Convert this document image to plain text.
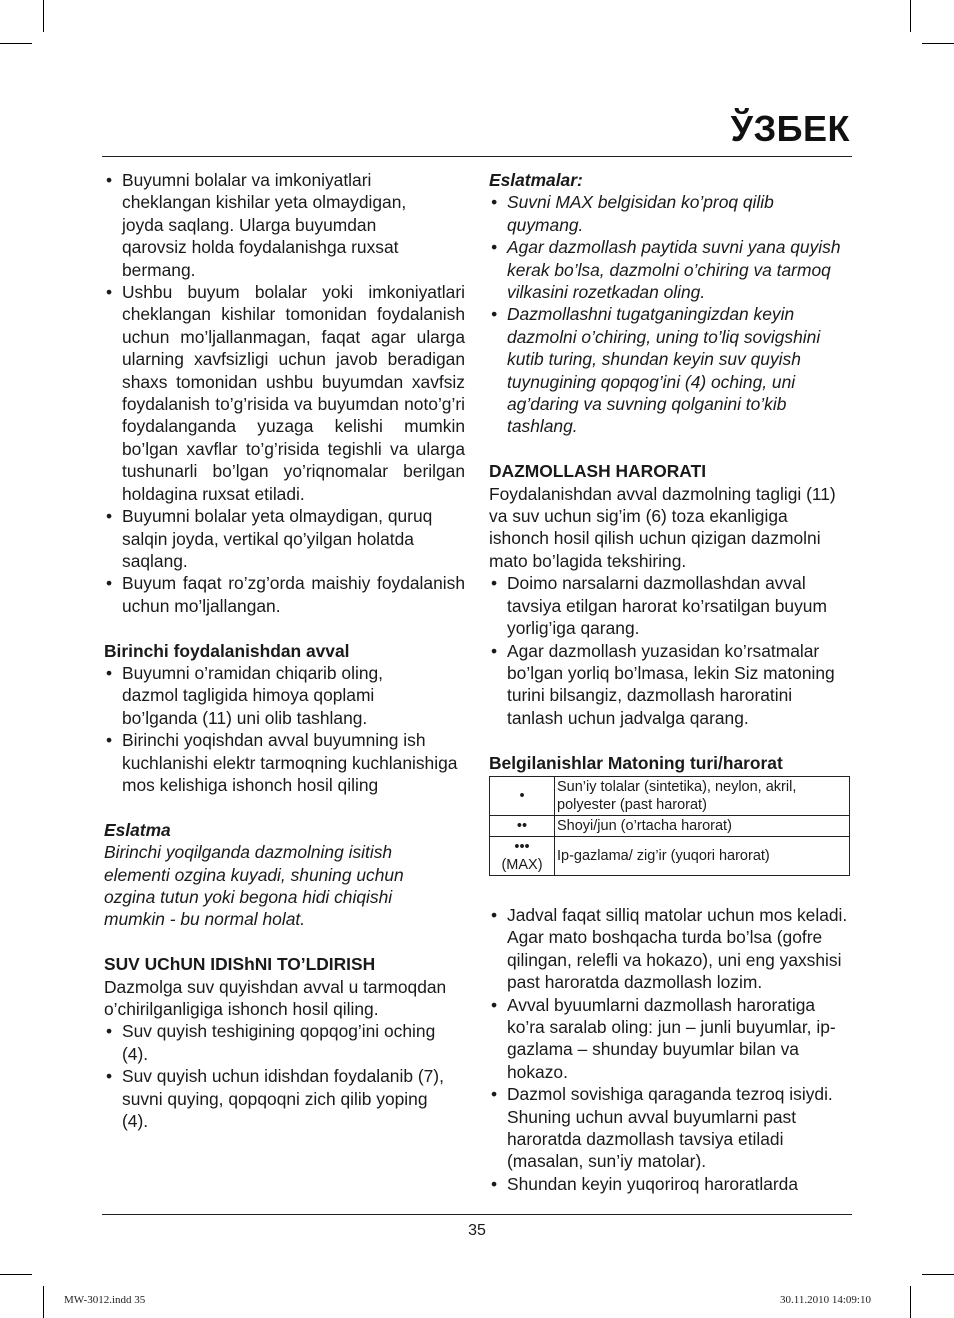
ЎЗБЕК
• Buyumni bolalar va imkoniyatlari cheklangan kishilar yeta olmaydigan, joyda saqlang. Ularga buyumdan qarovsiz holda foydalanishga ruxsat bermang.
• Ushbu buyum bolalar yoki imkoniyatlari cheklangan kishilar tomonidan foydalanish uchun mo’ljallanmagan, faqat agar ularga ularning xavfsizligi uchun javob beradigan shaxs tomonidan ushbu buyumdan xavfsiz foydalanish to’g’risida va buyumdan noto’g’ri foydalanganda yuzaga kelishi mumkin bo’lgan xavflar to’g’risida tegishli va ularga tushunarli bo’lgan yo’riqnomalar berilgan holdagina ruxsat etiladi.
• Buyumni bolalar yeta olmaydigan, quruq salqin joyda, vertikal qo’yilgan holatda saqlang.
• Buyum faqat ro’zg’orda maishiy foydalanish uchun mo’ljallangan.

Birinchi foydalanishdan avval

• Buyumni o’ramidan chiqarib oling, dazmol tagligida himoya qoplami bo’lganda (11) uni olib tashlang.
• Birinchi yoqishdan avval buyumning ish kuchlanishi elektr tarmoqning kuchlanishiga mos kelishiga ishonch hosil qiling

Eslatma

Birinchi yoqilganda dazmolning isitish elementi ozgina kuyadi, shuning uchun ozgina tutun yoki begona hidi chiqishi mumkin - bu normal holat.

SUV UChUN IDIShNI TO’LDIRISH

Dazmolga suv quyishdan avval u tarmoqdan o’chirilganligiga ishonch hosil qiling.

• Suv quyish teshigining qopqog’ini oching (4).
• Suv quyish uchun idishdan foydalanib (7), suvni quying, qopqoqni zich qilib yoping (4).

Eslatmalar:

• Suvni MAX belgisidan ko’proq qilib quymang.
• Agar dazmollash paytida suvni yana quyish kerak bo’lsa, dazmolni o’chiring va tarmoq vilkasini rozetkadan oling.
• Dazmollashni tugatganingizdan keyin dazmolni o’chiring, uning to’liq sovigshini kutib turing, shundan keyin suv quyish tuynugining qopqog’ini (4) oching, uni ag’daring va suvning qolganini to’kib tashlang.

DAZMOLLASH HARORATI

Foydalanishdan avval dazmolning tagligi (11) va suv uchun sig’im (6) toza ekanligiga ishonch hosil qilish uchun qizigan dazmolni mato bo’lagida tekshiring.

• Doimo narsalarni dazmollashdan avval tavsiya etilgan harorat ko’rsatilgan buyum yorlig’iga qarang.
• Agar dazmollash yuzasidan ko’rsatmalar bo’lgan yorliq bo’lmasa, lekin Siz matoning turini bilsangiz, dazmollash haroratini tanlash uchun jadvalga qarang.

Belgilanishlar Matoning turi/harorat

•	Sun’iy tolalar (sintetika), neylon, akril, polyester (past harorat)
••	Shoyi/jun (o’rtacha harorat)

•••
(MAX)	Ip-gazlama/ zig’ir (yuqori harorat)
• Jadval faqat silliq matolar uchun mos keladi. Agar mato boshqacha turda bo’lsa (gofre qilingan, relefli va hokazo), uni eng yaxshisi past haroratda dazmollash lozim.
• Avval byuumlarni dazmollash haroratiga ko’ra saralab oling: jun – junli buyumlar, ip-gazlama – shunday buyumlar bilan va hokazo.
• Dazmol sovishiga qaraganda tezroq isiydi. Shuning uchun avval buyumlarni past haroratda dazmollash tavsiya etiladi (masalan, sun’iy matolar).
• Shundan keyin yuqoriroq haroratlarda
35
MW-3012.indd 35	30.11.2010 14:09:10
